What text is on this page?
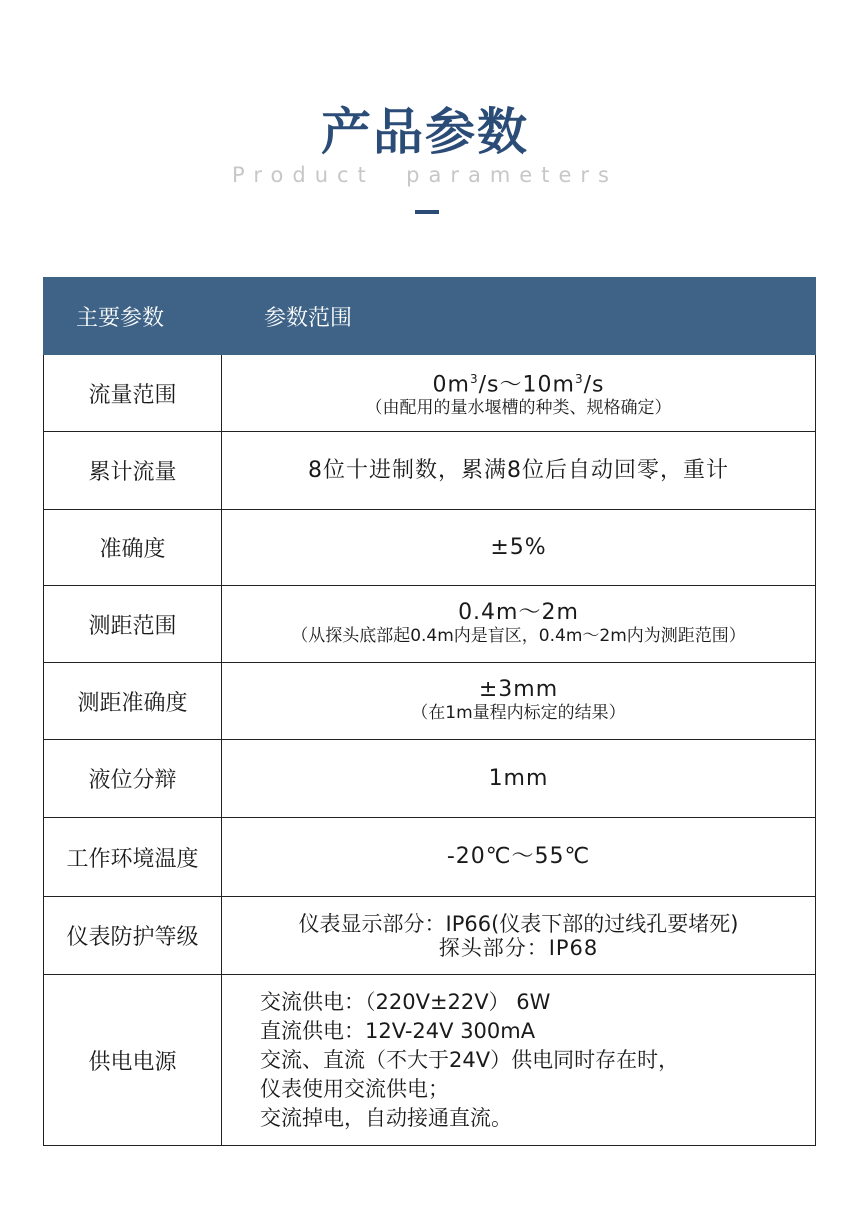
产品参数
Product  parameters
主要参数	参数范围
流量范围	$0m^3/s\sim 10m^3/s$
（由配用的量水堰槽的种类、规格确定）

累计流量	8位十进制数，累满8位后自动回零，重计

准确度	±5%

测距范围	0.4m～2m
（从探头底部起0.4m内是盲区，0.4m～2m内为测距范围）

测距准确度	±3mm
（在1m量程内标定的结果）

液位分辩	1mm

工作环境温度	-20℃～55℃

仪表防护等级	仪表显示部分：IP66(仪表下部的过线孔要堵死)
探头部分：IP68

供电电源	交流供电：（220V±22V） 6W
直流供电：12V-24V 300mA
交流、直流（不大于24V）供电同时存在时，
仪表使用交流供电；
交流掉电，自动接通直流。
